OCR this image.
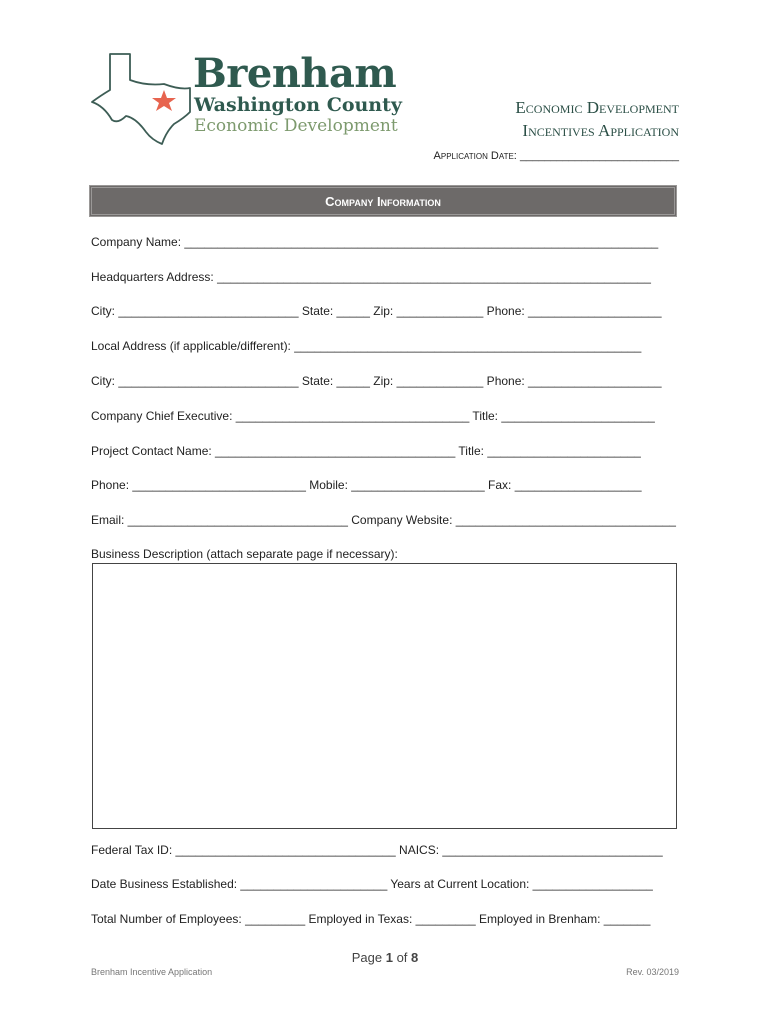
Brenham
Washington County
Economic Development
Economic Development
Incentives Application
Application Date: __________________________
Company Information
Company Name: _______________________________________________________________________
Headquarters Address: _________________________________________________________________
City: ___________________________ State: _____ Zip: _____________ Phone: ____________________
Local Address (if applicable/different): ____________________________________________________
City: ___________________________ State: _____ Zip: _____________ Phone: ____________________
Company Chief Executive: ___________________________________ Title: _______________________
Project Contact Name: ____________________________________ Title: _______________________
Phone: __________________________ Mobile: ____________________ Fax: ___________________
Email: _________________________________ Company Website: _________________________________
Business Description (attach separate page if necessary):
Federal Tax ID: _________________________________ NAICS: _________________________________
Date Business Established: ______________________ Years at Current Location: __________________
Total Number of Employees: _________ Employed in Texas: _________ Employed in Brenham: _______
Page 1 of 8
Brenham Incentive Application	Rev. 03/2019
